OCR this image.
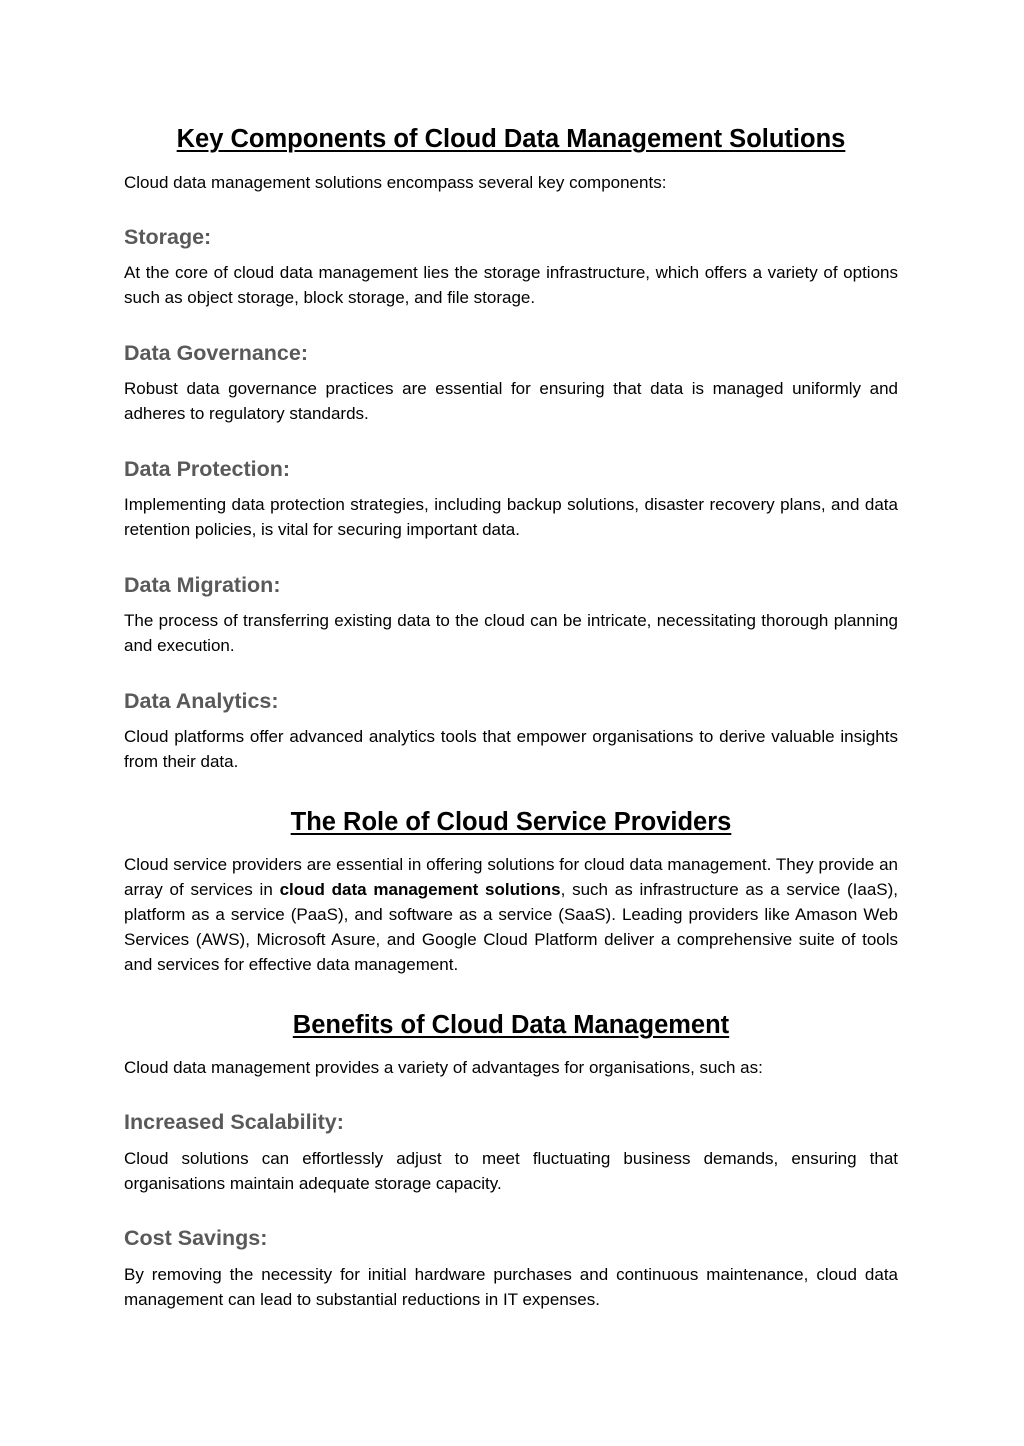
Key Components of Cloud Data Management Solutions

Cloud data management solutions encompass several key components:

Storage:

At the core of cloud data management lies the storage infrastructure, which offers a variety of options such as object storage, block storage, and file storage.

Data Governance:

Robust data governance practices are essential for ensuring that data is managed uniformly and adheres to regulatory standards.

Data Protection:

Implementing data protection strategies, including backup solutions, disaster recovery plans, and data retention policies, is vital for securing important data.

Data Migration:

The process of transferring existing data to the cloud can be intricate, necessitating thorough planning and execution.

Data Analytics:

Cloud platforms offer advanced analytics tools that empower organisations to derive valuable insights from their data.

The Role of Cloud Service Providers

Cloud service providers are essential in offering solutions for cloud data management. They provide an array of services in cloud data management solutions, such as infrastructure as a service (IaaS), platform as a service (PaaS), and software as a service (SaaS). Leading providers like Amason Web Services (AWS), Microsoft Asure, and Google Cloud Platform deliver a comprehensive suite of tools and services for effective data management.

Benefits of Cloud Data Management

Cloud data management provides a variety of advantages for organisations, such as:

Increased Scalability:

Cloud solutions can effortlessly adjust to meet fluctuating business demands, ensuring that organisations maintain adequate storage capacity.

Cost Savings:

By removing the necessity for initial hardware purchases and continuous maintenance, cloud data management can lead to substantial reductions in IT expenses.
